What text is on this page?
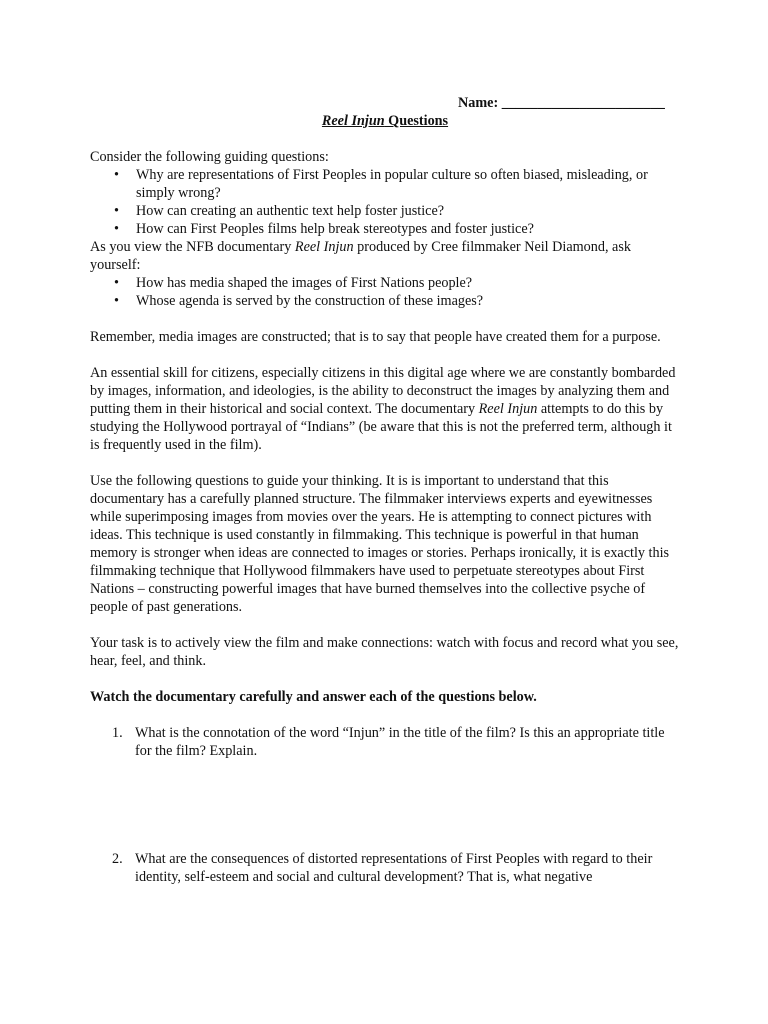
Name: _______________________
Reel Injun Questions

Consider the following guiding questions:

• Why are representations of First Peoples in popular culture so often biased, misleading, or simply wrong?
• How can creating an authentic text help foster justice?
• How can First Peoples films help break stereotypes and foster justice?

As you view the NFB documentary Reel Injun produced by Cree filmmaker Neil Diamond, ask yourself:

• How has media shaped the images of First Nations people?
• Whose agenda is served by the construction of these images?

Remember, media images are constructed; that is to say that people have created them for a purpose.

An essential skill for citizens, especially citizens in this digital age where we are constantly bombarded by images, information, and ideologies, is the ability to deconstruct the images by analyzing them and putting them in their historical and social context. The documentary Reel Injun attempts to do this by studying the Hollywood portrayal of “Indians” (be aware that this is not the preferred term, although it is frequently used in the film).

Use the following questions to guide your thinking. It is is important to understand that this documentary has a carefully planned structure. The filmmaker interviews experts and eyewitnesses while superimposing images from movies over the years. He is attempting to connect pictures with ideas. This technique is used constantly in filmmaking. This technique is powerful in that human memory is stronger when ideas are connected to images or stories. Perhaps ironically, it is exactly this filmmaking technique that Hollywood filmmakers have used to perpetuate stereotypes about First Nations – constructing powerful images that have burned themselves into the collective psyche of people of past generations.

Your task is to actively view the film and make connections: watch with focus and record what you see, hear, feel, and think.

Watch the documentary carefully and answer each of the questions below.

1. What is the connotation of the word “Injun” in the title of the film? Is this an appropriate title for the film? Explain.
2. What are the consequences of distorted representations of First Peoples with regard to their identity, self-esteem and social and cultural development? That is, what negative
